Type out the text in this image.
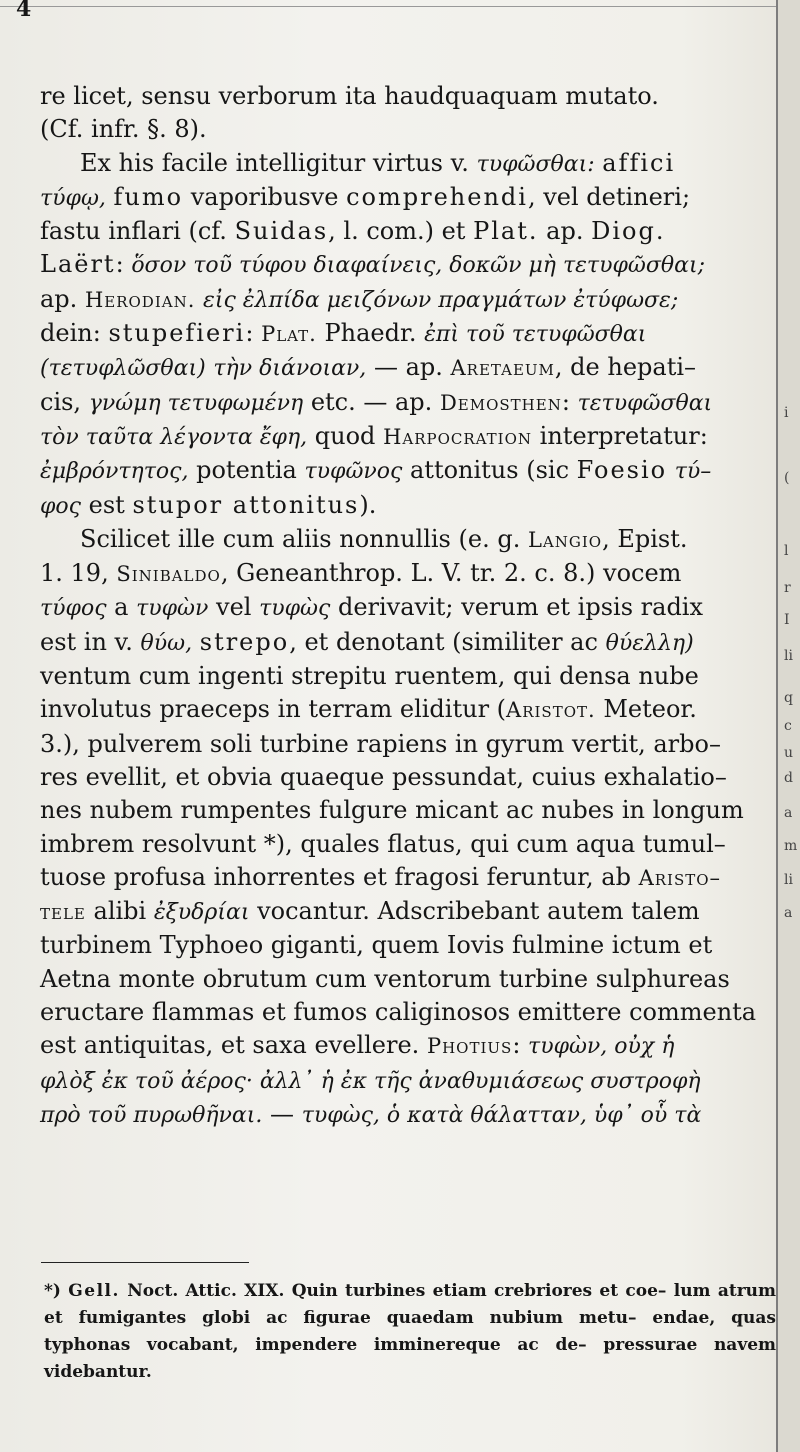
4
i
(
l
r
I
li
q
c
u
d
a
m
li
a

re licet, sensu verborum ita haudquaquam mutato.

(Cf. infr. §. 8).

Ex his facile intelligitur virtus v. τυφῶσθαι: affici

τύφῳ, fumo vaporibusve comprehendi, vel detineri;

fastu inflari (cf. Suidas, l. com.) et Plat. ap. Diog.

Laërt: ὅσον τοῦ τύφου διαφαίνεις, δοκῶν μὴ τετυφῶσθαι;

ap. Herodian. εἰς ἐλπίδα μειζόνων πραγμάτων ἐτύφωσε;

dein: stupefieri: Plat. Phaedr. ἐπὶ τοῦ τετυφῶσθαι

(τετυφλῶσθαι) τὴν διάνοιαν, — ap. Aretaeum, de hepati–

cis, γνώμη τετυφωμένη etc. — ap. Demosthen: τετυφῶσθαι

τὸν ταῦτα λέγοντα ἔφη, quod Harpocration interpretatur:

ἐμβρόντητος, potentia τυφῶνος attonitus (sic Foesio τύ–

φος est stupor attonitus).

Scilicet ille cum aliis nonnullis (e. g. Langio, Epist.

1. 19, Sinibaldo, Geneanthrop. L. V. tr. 2. c. 8.) vocem

τύφος a τυφὼν vel τυφὼς derivavit; verum et ipsis radix

est in v. θύω, strepo, et denotant (similiter ac θύελλη)

ventum cum ingenti strepitu ruentem, qui densa nube

involutus praeceps in terram eliditur (Aristot. Meteor.

3.), pulverem soli turbine rapiens in gyrum vertit, arbo–

res evellit, et obvia quaeque pessundat, cuius exhalatio–

nes nubem rumpentes fulgure micant ac nubes in longum

imbrem resolvunt *), quales flatus, qui cum aqua tumul–

tuose profusa inhorrentes et fragosi feruntur, ab Aristo–

tele alibi ἐξυδρίαι vocantur. Adscribebant autem talem

turbinem Typhoeo giganti, quem Iovis fulmine ictum et

Aetna monte obrutum cum ventorum turbine sulphureas

eructare flammas et fumos caliginosos emittere commenta

est antiquitas, et saxa evellere. Photius: τυφὼν, οὐχ ἡ

φλὸξ ἐκ τοῦ ἀέρος· ἀλλ᾽ ἡ ἐκ τῆς ἀναθυμιάσεως συστροφὴ

πρὸ τοῦ πυρωθῆναι. — τυφὼς, ὁ κατὰ θάλατταν, ὑφ᾽ οὗ τὰ

*) Gell. Noct. Attic. XIX. Quin turbines etiam crebriores et coe– lum atrum et fumigantes globi ac figurae quaedam nubium metu– endae, quas typhonas vocabant, impendere imminereque ac de– pressurae navem videbantur.
